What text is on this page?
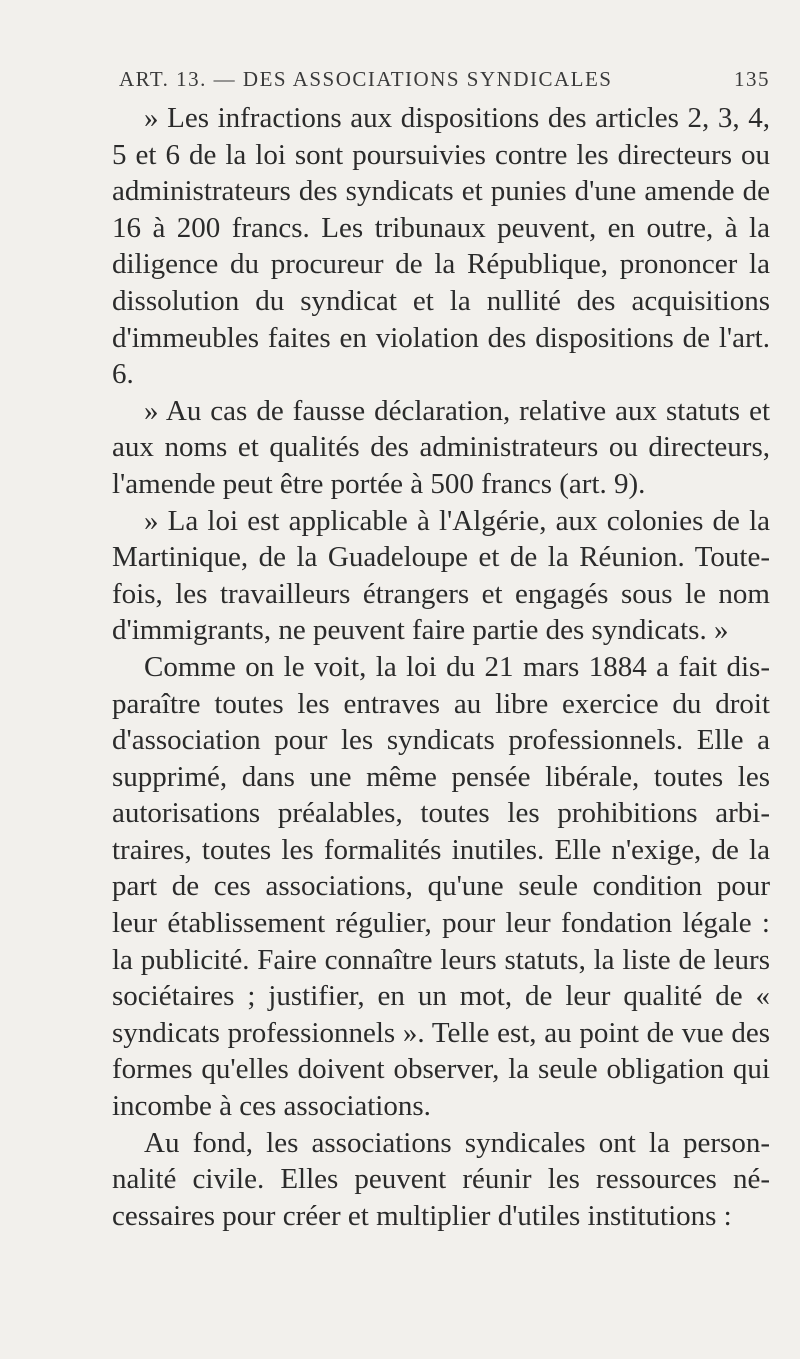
ART. 13. — DES ASSOCIATIONS SYNDICALES	135

» Les infractions aux dispositions des articles 2, 3, 4, 5 et 6 de la loi sont poursuivies contre les directeurs ou administrateurs des syndicats et punies d'une amende de 16 à 200 francs. Les tribunaux peuvent, en outre, à la diligence du procureur de la République, prononcer la dissolution du syndicat et la nullité des acquisitions d'immeubles faites en violation des dispositions de l'art. 6.

» Au cas de fausse déclaration, relative aux statuts et aux noms et qualités des administrateurs ou directeurs, l'amende peut être portée à 500 francs (art. 9).

» La loi est applicable à l'Algérie, aux colonies de la Martinique, de la Guadeloupe et de la Réunion. Toutefois, les travailleurs étrangers et engagés sous le nom d'immigrants, ne peuvent faire partie des syndicats. »

Comme on le voit, la loi du 21 mars 1884 a fait disparaître toutes les entraves au libre exercice du droit d'association pour les syndicats professionnels. Elle a supprimé, dans une même pensée libérale, toutes les autorisations préalables, toutes les prohibitions arbitraires, toutes les formalités inutiles. Elle n'exige, de la part de ces associations, qu'une seule condition pour leur établissement régulier, pour leur fondation légale : la publicité. Faire connaître leurs statuts, la liste de leurs sociétaires ; justifier, en un mot, de leur qualité de « syndicats professionnels ». Telle est, au point de vue des formes qu'elles doivent observer, la seule obligation qui incombe à ces associations.

Au fond, les associations syndicales ont la personnalité civile. Elles peuvent réunir les ressources nécessaires pour créer et multiplier d'utiles institutions :
